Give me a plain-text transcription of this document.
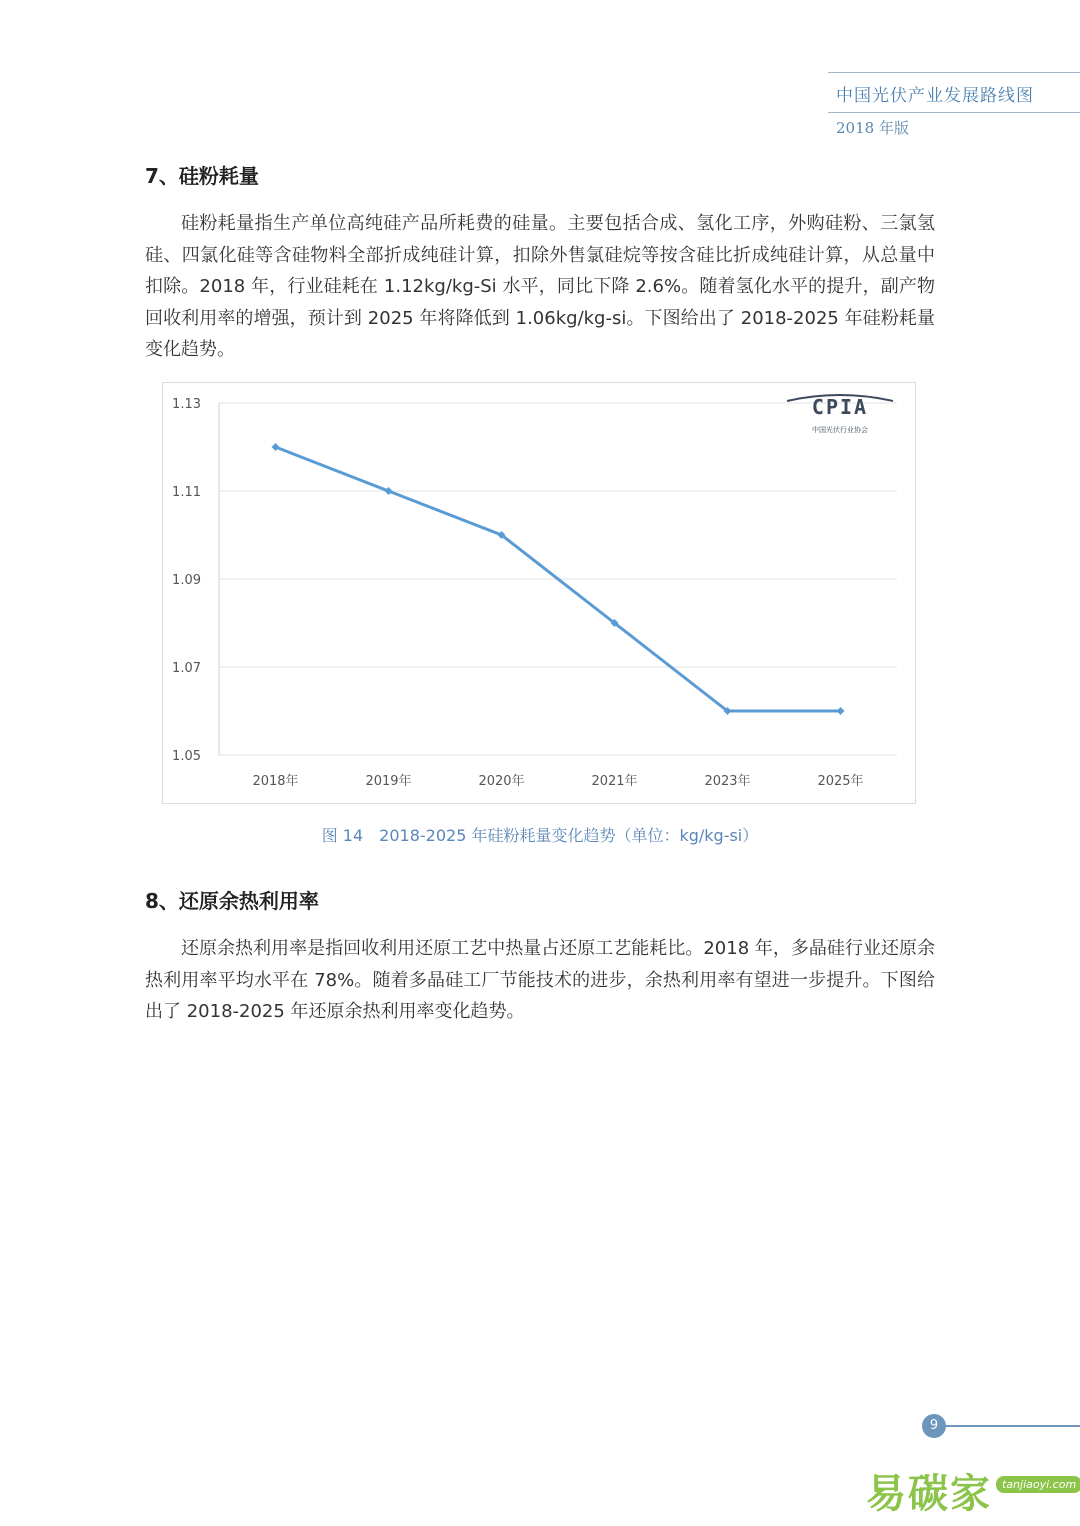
中国光伏产业发展路线图
2018 年版
7、硅粉耗量
硅粉耗量指生产单位高纯硅产品所耗费的硅量。主要包括合成、氢化工序，外购硅粉、三氯氢硅、四氯化硅等含硅物料全部折成纯硅计算，扣除外售氯硅烷等按含硅比折成纯硅计算，从总量中扣除。2018 年，行业硅耗在 1.12kg/kg-Si 水平，同比下降 2.6%。随着氢化水平的提升，副产物回收利用率的增强，预计到 2025 年将降低到 1.06kg/kg-si。下图给出了 2018-2025 年硅粉耗量变化趋势。
1.13
1.11
1.09
1.07
1.05
2018年	2019年	2020年	2021年	2023年	2025年
CPIA
中国光伏行业协会
图 14　2018-2025 年硅粉耗量变化趋势（单位：kg/kg-si）
8、还原余热利用率
还原余热利用率是指回收利用还原工艺中热量占还原工艺能耗比。2018 年，多晶硅行业还原余热利用率平均水平在 78%。随着多晶硅工厂节能技术的进步，余热利用率有望进一步提升。下图给出了 2018-2025 年还原余热利用率变化趋势。
9
易碳家 tanjiaoyi.com
